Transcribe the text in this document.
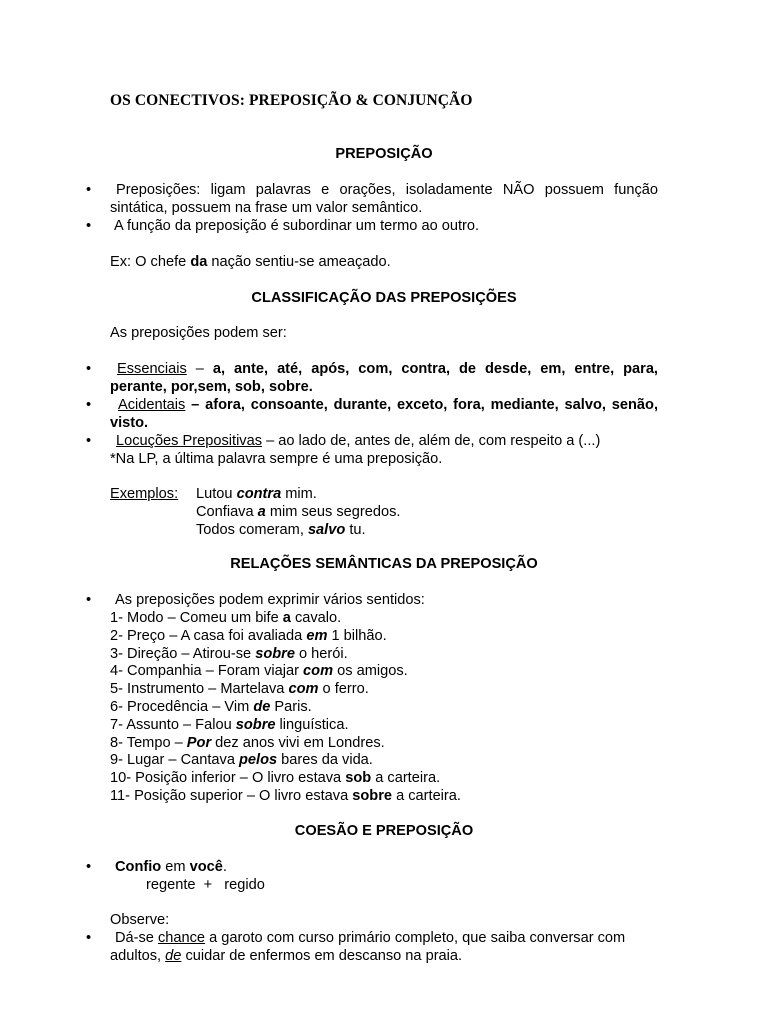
OS CONECTIVOS: PREPOSIÇÃO & CONJUNÇÃO

PREPOSIÇÃO

•	Preposições: ligam palavras e orações, isoladamente NÃO possuem função sintática, possuem na frase um valor semântico.

• A função da preposição é subordinar um termo ao outro.

Ex: O chefe da nação sentiu-se ameaçado.

CLASSIFICAÇÃO DAS PREPOSIÇÕES

As preposições podem ser:

•	Essenciais – a, ante, até, após, com, contra, de desde, em, entre, para, perante, por,sem, sob, sobre.

•	Acidentais – afora, consoante, durante, exceto, fora, mediante, salvo, senão, visto.

•	Locuções Prepositivas – ao lado de, antes de, além de, com respeito a (...)

*Na LP, a última palavra sempre é uma preposição.

Exemplos: Lutou contra mim.
Confiava a mim seus segredos.
Todos comeram, salvo tu.

RELAÇÕES SEMÂNTICAS DA PREPOSIÇÃO

• As preposições podem exprimir vários sentidos:

1- Modo – Comeu um bife a cavalo.
2- Preço – A casa foi avaliada em 1 bilhão.
3- Direção – Atirou-se sobre o herói.
4- Companhia – Foram viajar com os amigos.
5- Instrumento – Martelava com o ferro.
6- Procedência – Vim de Paris.
7- Assunto – Falou sobre linguística.
8- Tempo – Por dez anos vivi em Londres.
9- Lugar – Cantava pelos bares da vida.
10- Posição inferior – O livro estava sob a carteira.
11- Posição superior – O livro estava sobre a carteira.

COESÃO E PREPOSIÇÃO

• Confio em você.

regente  +   regido

Observe:

•	Dá-se chance a garoto com curso primário completo, que saiba conversar com adultos, de cuidar de enfermos em descanso na praia.
